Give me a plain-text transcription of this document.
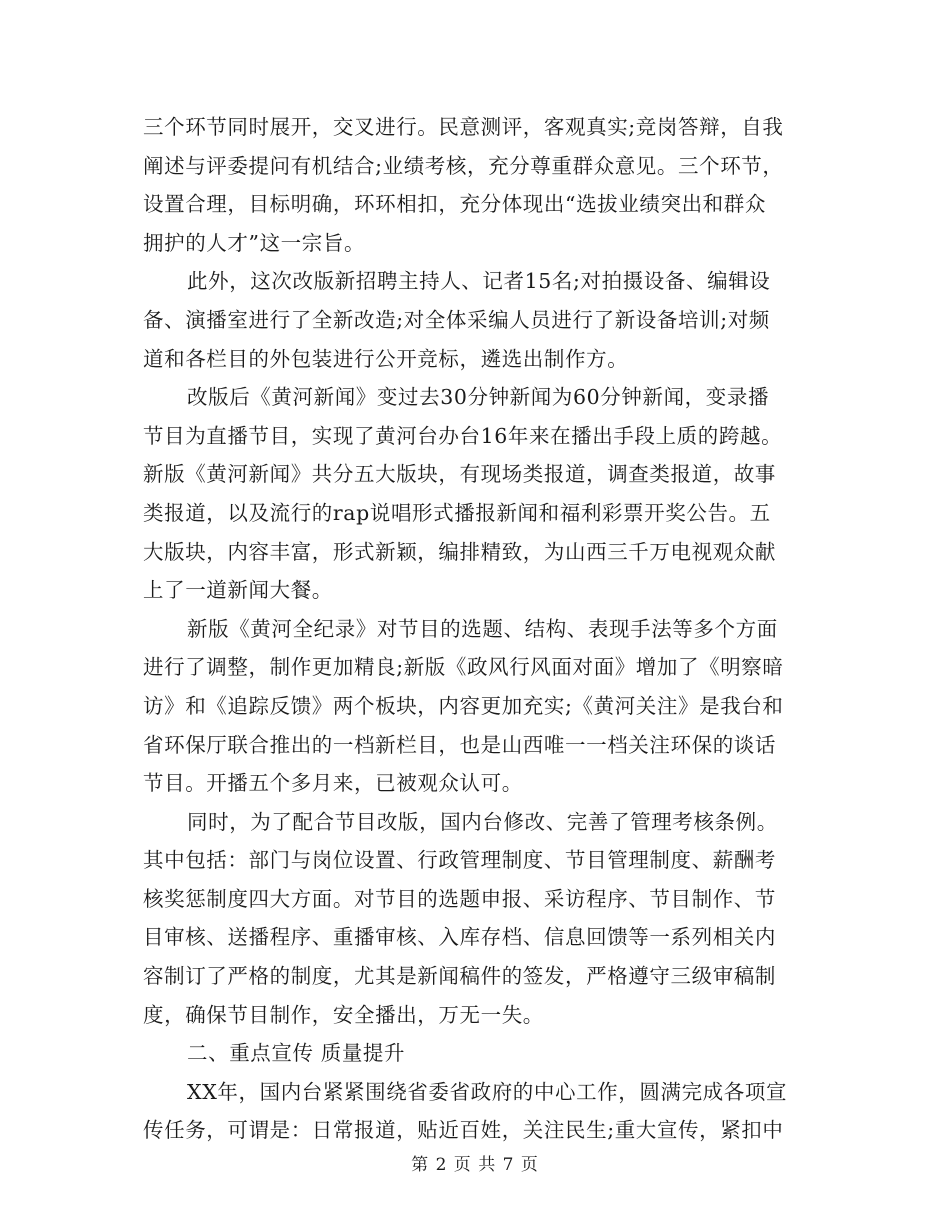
三个环节同时展开，交叉进行。民意测评，客观真实;竞岗答辩，自我
阐述与评委提问有机结合;业绩考核，充分尊重群众意见。三个环节，
设置合理，目标明确，环环相扣，充分体现出“选拔业绩突出和群众
拥护的人才”这一宗旨。
此外，这次改版新招聘主持人、记者15名;对拍摄设备、编辑设
备、演播室进行了全新改造;对全体采编人员进行了新设备培训;对频
道和各栏目的外包装进行公开竞标，遴选出制作方。
改版后《黄河新闻》变过去30分钟新闻为60分钟新闻，变录播
节目为直播节目，实现了黄河台办台16年来在播出手段上质的跨越。
新版《黄河新闻》共分五大版块，有现场类报道，调查类报道，故事
类报道，以及流行的rap说唱形式播报新闻和福利彩票开奖公告。五
大版块，内容丰富，形式新颖，编排精致，为山西三千万电视观众献
上了一道新闻大餐。
新版《黄河全纪录》对节目的选题、结构、表现手法等多个方面
进行了调整，制作更加精良;新版《政风行风面对面》增加了《明察暗
访》和《追踪反馈》两个板块，内容更加充实;《黄河关注》是我台和
省环保厅联合推出的一档新栏目，也是山西唯一一档关注环保的谈话
节目。开播五个多月来，已被观众认可。
同时，为了配合节目改版，国内台修改、完善了管理考核条例。
其中包括：部门与岗位设置、行政管理制度、节目管理制度、薪酬考
核奖惩制度四大方面。对节目的选题申报、采访程序、节目制作、节
目审核、送播程序、重播审核、入库存档、信息回馈等一系列相关内
容制订了严格的制度，尤其是新闻稿件的签发，严格遵守三级审稿制
度，确保节目制作，安全播出，万无一失。
二、重点宣传 质量提升
XX年，国内台紧紧围绕省委省政府的中心工作，圆满完成各项宣
传任务，可谓是：日常报道，贴近百姓，关注民生;重大宣传，紧扣中
第 2 页 共 7 页
